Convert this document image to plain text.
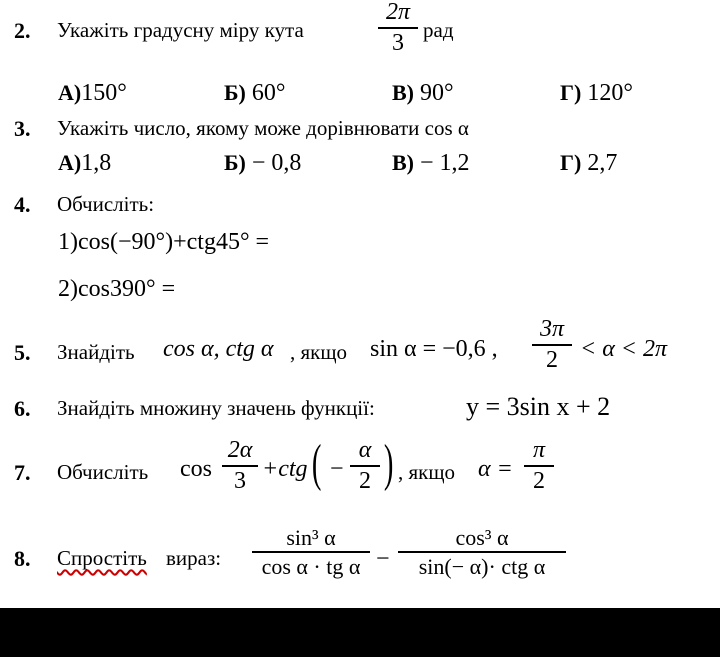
2. Укажіть градусну міру кута
2π
3
рад
А)150°	Б) 60°	В) 90°	Г) 120°
3. Укажіть число, якому може дорівнювати cos α
А)1,8	Б) − 0,8	В) − 1,2	Г) 2,7
4. Обчисліть:
1)cos(−90°)+ctg45° =
2)cos390° =
5. Знайдіть cos α, ctg α , якщо sin α = −0,6 ,
3π
2 < α < 2π
6. Знайдіть множину значень функції:	y = 3sin x + 2
7. Обчисліть cos
2α
3 +ctg ( −
α
2 ) , якщо α =
π
2
8. Спростіть вираз:
sin³ α
cos α · tg α −
cos³ α
sin(− α)· ctg α
